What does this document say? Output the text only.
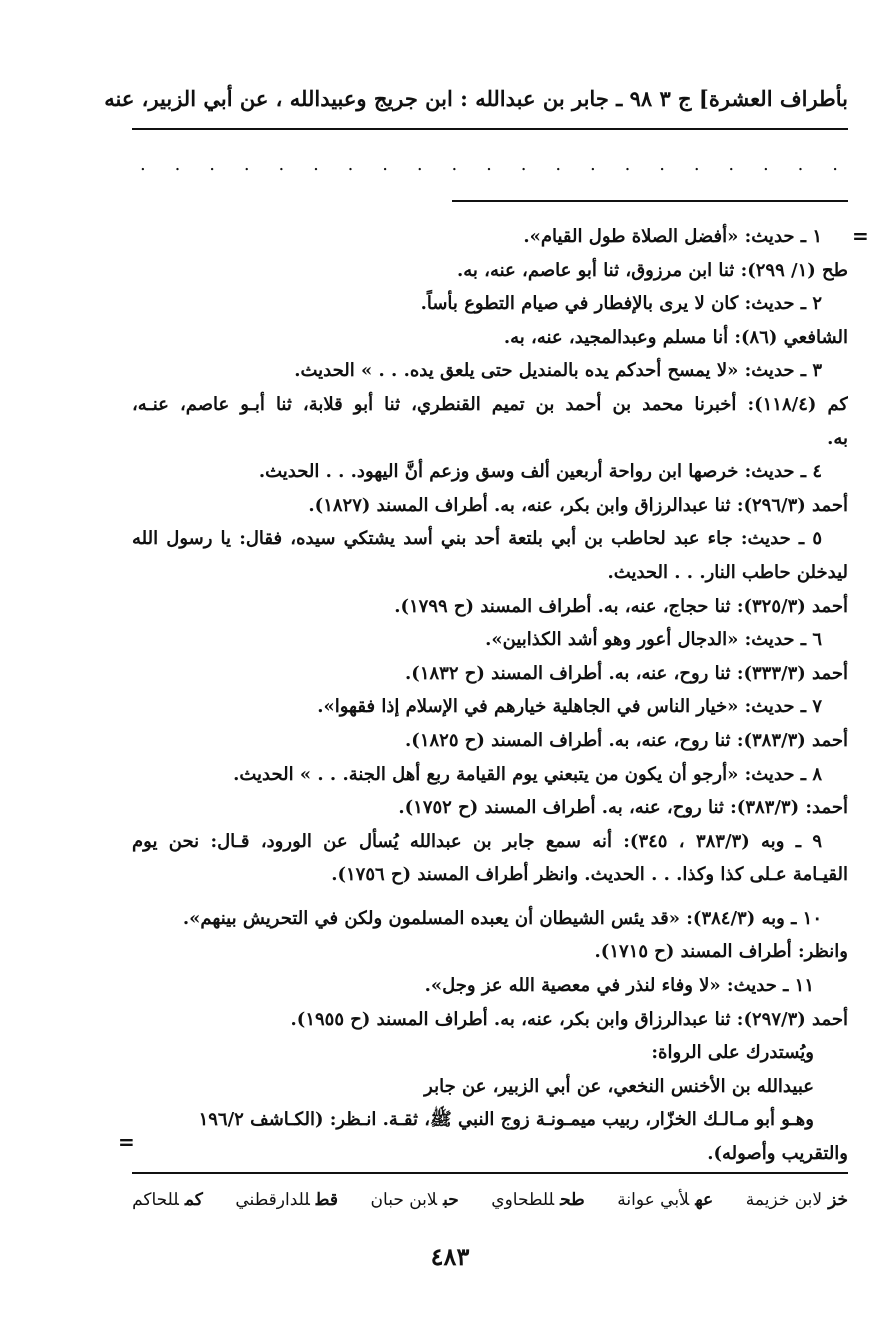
بأطراف العشرة] ج ٣ ٩٨ ـ جابر بن عبدالله : ابن جريج وعبيدالله ، عن أبي الزبير، عنه
. . . . . . . . . . . . . . . . . . . . .
=
=
١ ـ حديث: «أفضل الصلاة طول القيام».
طح (١/ ٢٩٩): ثنا ابن مرزوق، ثنا أبو عاصم، عنه، به.
٢ ـ حديث: كان لا يرى بالإفطار في صيام التطوع بأساً.
الشافعي (٨٦): أنا مسلم وعبدالمجيد، عنه، به.
٣ ـ حديث: «لا يمسح أحدكم يده بالمنديل حتى يلعق يده. . . » الحديث.
كم (١١٨/٤): أخبرنا محمد بن أحمد بن تميم القنطري، ثنا أبو قلابة، ثنا أبـو عاصم، عنـه،
به.
٤ ـ حديث: خرصها ابن رواحة أربعين ألف وسق وزعم أنَّ اليهود. . . الحديث.
أحمد (٢٩٦/٣): ثنا عبدالرزاق وابن بكر، عنه، به. أطراف المسند (١٨٢٧).
٥ ـ حديث: جاء عبد لحاطب بن أبي بلتعة أحد بني أسد يشتكي سيده، فقال: يا رسول الله
ليدخلن حاطب النار. . . الحديث.
أحمد (٣٢٥/٣): ثنا حجاج، عنه، به. أطراف المسند (ح ١٧٩٩).
٦ ـ حديث: «الدجال أعور وهو أشد الكذابين».
أحمد (٣٣٣/٣): ثنا روح، عنه، به. أطراف المسند (ح ١٨٣٢).
٧ ـ حديث: «خيار الناس في الجاهلية خيارهم في الإسلام إذا فقهوا».
أحمد (٣٨٣/٣): ثنا روح، عنه، به. أطراف المسند (ح ١٨٢٥).
٨ ـ حديث: «أرجو أن يكون من يتبعني يوم القيامة ربع أهل الجنة. . . » الحديث.
أحمد: (٣٨٣/٣): ثنا روح، عنه، به. أطراف المسند (ح ١٧٥٢).
٩ ـ وبه (٣٨٣/٣ ، ٣٤٥): أنه سمع جابر بن عبدالله يُسأل عن الورود، قـال: نحن يوم
القيـامة عـلى كذا وكذا. . . الحديث. وانظر أطراف المسند (ح ١٧٥٦).
١٠ ـ وبه (٣٨٤/٣): «قد يئس الشيطان أن يعبده المسلمون ولكن في التحريش بينهم».
وانظر: أطراف المسند (ح ١٧١٥).
١١ ـ حديث: «لا وفاء لنذر في معصية الله عز وجل».
أحمد (٢٩٧/٣): ثنا عبدالرزاق وابن بكر، عنه، به. أطراف المسند (ح ١٩٥٥).
ويُستدرك على الرواة:
عبيدالله بن الأخنس النخعي، عن أبي الزبير، عن جابر
وهـو أبو مـالـك الخزّار، ربيب ميمـونـة زوج النبي ﷺ، ثقـة. انـظر: (الكـاشف ١٩٦/٢
والتقريب وأصوله).
خزلابن خزيمة
عهلأبي عوانة
طحللطحاوي
حبلابن حبان
قطللدارقطني
كمللحاكم
٤٨٣
